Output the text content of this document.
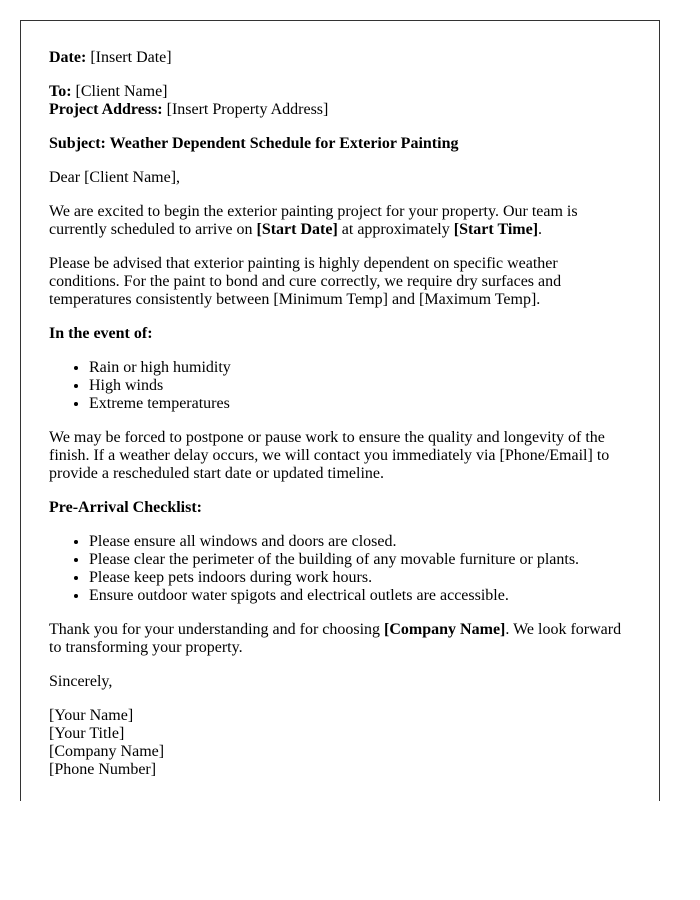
Date: [Insert Date]

To: [Client Name]
Project Address: [Insert Property Address]

Subject: Weather Dependent Schedule for Exterior Painting

Dear [Client Name],

We are excited to begin the exterior painting project for your property. Our team is currently scheduled to arrive on [Start Date] at approximately [Start Time].

Please be advised that exterior painting is highly dependent on specific weather conditions. For the paint to bond and cure correctly, we require dry surfaces and temperatures consistently between [Minimum Temp] and [Maximum Temp].

In the event of:

• Rain or high humidity
• High winds
• Extreme temperatures

We may be forced to postpone or pause work to ensure the quality and longevity of the finish. If a weather delay occurs, we will contact you immediately via [Phone/Email] to provide a rescheduled start date or updated timeline.

Pre-Arrival Checklist:

• Please ensure all windows and doors are closed.
• Please clear the perimeter of the building of any movable furniture or plants.
• Please keep pets indoors during work hours.
• Ensure outdoor water spigots and electrical outlets are accessible.

Thank you for your understanding and for choosing [Company Name]. We look forward to transforming your property.

Sincerely,

[Your Name]
[Your Title]
[Company Name]
[Phone Number]
